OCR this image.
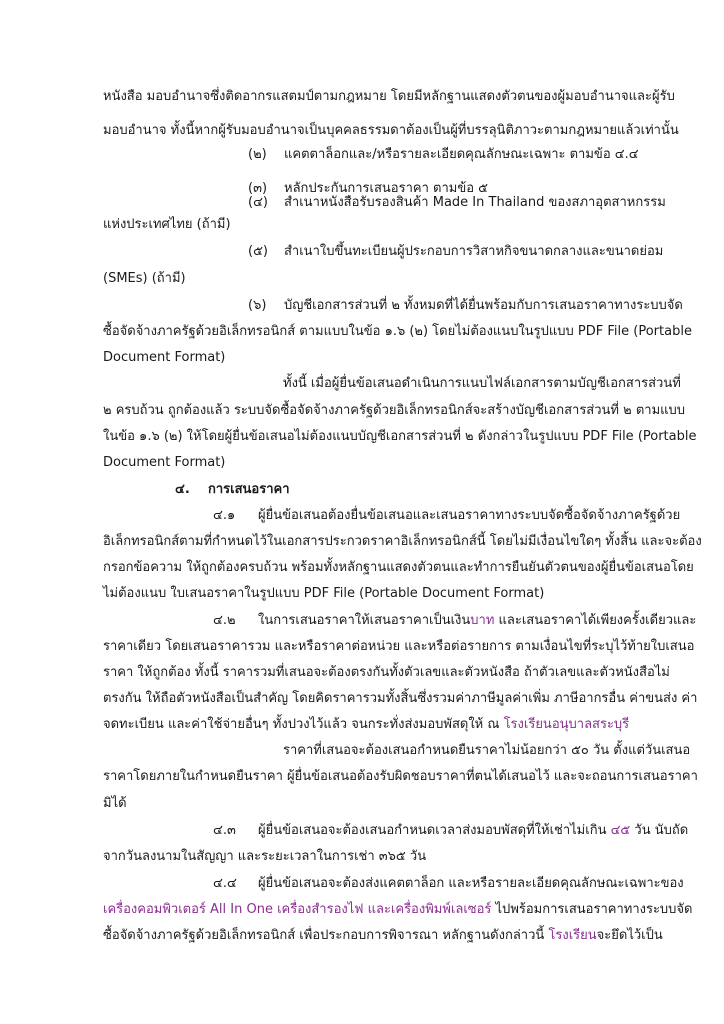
หนังสือ มอบอำนาจซึ่งติดอากรแสตมป์ตามกฎหมาย โดยมีหลักฐานแสดงตัวตนของผู้มอบอำนาจและผู้รับ

มอบอำนาจ ทั้งนี้หากผู้รับมอบอำนาจเป็นบุคคลธรรมดาต้องเป็นผู้ที่บรรลุนิติภาวะตามกฎหมายแล้วเท่านั้น

(๒) แคตตาล็อกและ/หรือรายละเอียดคุณลักษณะเฉพาะ ตามข้อ ๔.๔

(๓) หลักประกันการเสนอราคา ตามข้อ ๕

(๔) สำเนาหนังสือรับรองสินค้า Made In Thailand ของสภาอุตสาหกรรม

แห่งประเทศไทย (ถ้ามี)

(๕) สำเนาใบขึ้นทะเบียนผู้ประกอบการวิสาหกิจขนาดกลางและขนาดย่อม

(SMEs) (ถ้ามี)

(๖) บัญชีเอกสารส่วนที่ ๒ ทั้งหมดที่ได้ยื่นพร้อมกับการเสนอราคาทางระบบจัด

ซื้อจัดจ้างภาครัฐด้วยอิเล็กทรอนิกส์ ตามแบบในข้อ ๑.๖ (๒) โดยไม่ต้องแนบในรูปแบบ PDF File (Portable

Document Format)

ทั้งนี้ เมื่อผู้ยื่นข้อเสนอดำเนินการแนบไฟล์เอกสารตามบัญชีเอกสารส่วนที่

๒ ครบถ้วน ถูกต้องแล้ว ระบบจัดซื้อจัดจ้างภาครัฐด้วยอิเล็กทรอนิกส์จะสร้างบัญชีเอกสารส่วนที่ ๒ ตามแบบ

ในข้อ ๑.๖ (๒) ให้โดยผู้ยื่นข้อเสนอไม่ต้องแนบบัญชีเอกสารส่วนที่ ๒ ดังกล่าวในรูปแบบ PDF File (Portable

Document Format)

๔. การเสนอราคา

๔.๑ ผู้ยื่นข้อเสนอต้องยื่นข้อเสนอและเสนอราคาทางระบบจัดซื้อจัดจ้างภาครัฐด้วย

อิเล็กทรอนิกส์ตามที่กำหนดไว้ในเอกสารประกวดราคาอิเล็กทรอนิกส์นี้ โดยไม่มีเงื่อนไขใดๆ ทั้งสิ้น และจะต้อง

กรอกข้อความ ให้ถูกต้องครบถ้วน พร้อมทั้งหลักฐานแสดงตัวตนและทำการยืนยันตัวตนของผู้ยื่นข้อเสนอโดย

ไม่ต้องแนบ ใบเสนอราคาในรูปแบบ PDF File (Portable Document Format)

๔.๒ ในการเสนอราคาให้เสนอราคาเป็นเงินบาท และเสนอราคาได้เพียงครั้งเดียวและ

ราคาเดียว โดยเสนอราคารวม และหรือราคาต่อหน่วย และหรือต่อรายการ ตามเงื่อนไขที่ระบุไว้ท้ายใบเสนอ

ราคา ให้ถูกต้อง ทั้งนี้ ราคารวมที่เสนอจะต้องตรงกันทั้งตัวเลขและตัวหนังสือ ถ้าตัวเลขและตัวหนังสือไม่

ตรงกัน ให้ถือตัวหนังสือเป็นสำคัญ โดยคิดราคารวมทั้งสิ้นซึ่งรวมค่าภาษีมูลค่าเพิ่ม ภาษีอากรอื่น ค่าขนส่ง ค่า

จดทะเบียน และค่าใช้จ่ายอื่นๆ ทั้งปวงไว้แล้ว จนกระทั่งส่งมอบพัสดุให้ ณ โรงเรียนอนุบาลสระบุรี

ราคาที่เสนอจะต้องเสนอกำหนดยืนราคาไม่น้อยกว่า ๕๐ วัน ตั้งแต่วันเสนอ

ราคาโดยภายในกำหนดยืนราคา ผู้ยื่นข้อเสนอต้องรับผิดชอบราคาที่ตนได้เสนอไว้ และจะถอนการเสนอราคา

มิได้

๔.๓ ผู้ยื่นข้อเสนอจะต้องเสนอกำหนดเวลาส่งมอบพัสดุที่ให้เช่าไม่เกิน ๔๕ วัน นับถัด

จากวันลงนามในสัญญา และระยะเวลาในการเช่า ๓๖๕ วัน

๔.๔ ผู้ยื่นข้อเสนอจะต้องส่งแคตตาล็อก และหรือรายละเอียดคุณลักษณะเฉพาะของ

เครื่องคอมพิวเตอร์ All In One เครื่องสำรองไฟ และเครื่องพิมพ์เลเซอร์ ไปพร้อมการเสนอราคาทางระบบจัด

ซื้อจัดจ้างภาครัฐด้วยอิเล็กทรอนิกส์ เพื่อประกอบการพิจารณา หลักฐานดังกล่าวนี้ โรงเรียนจะยึดไว้เป็น
